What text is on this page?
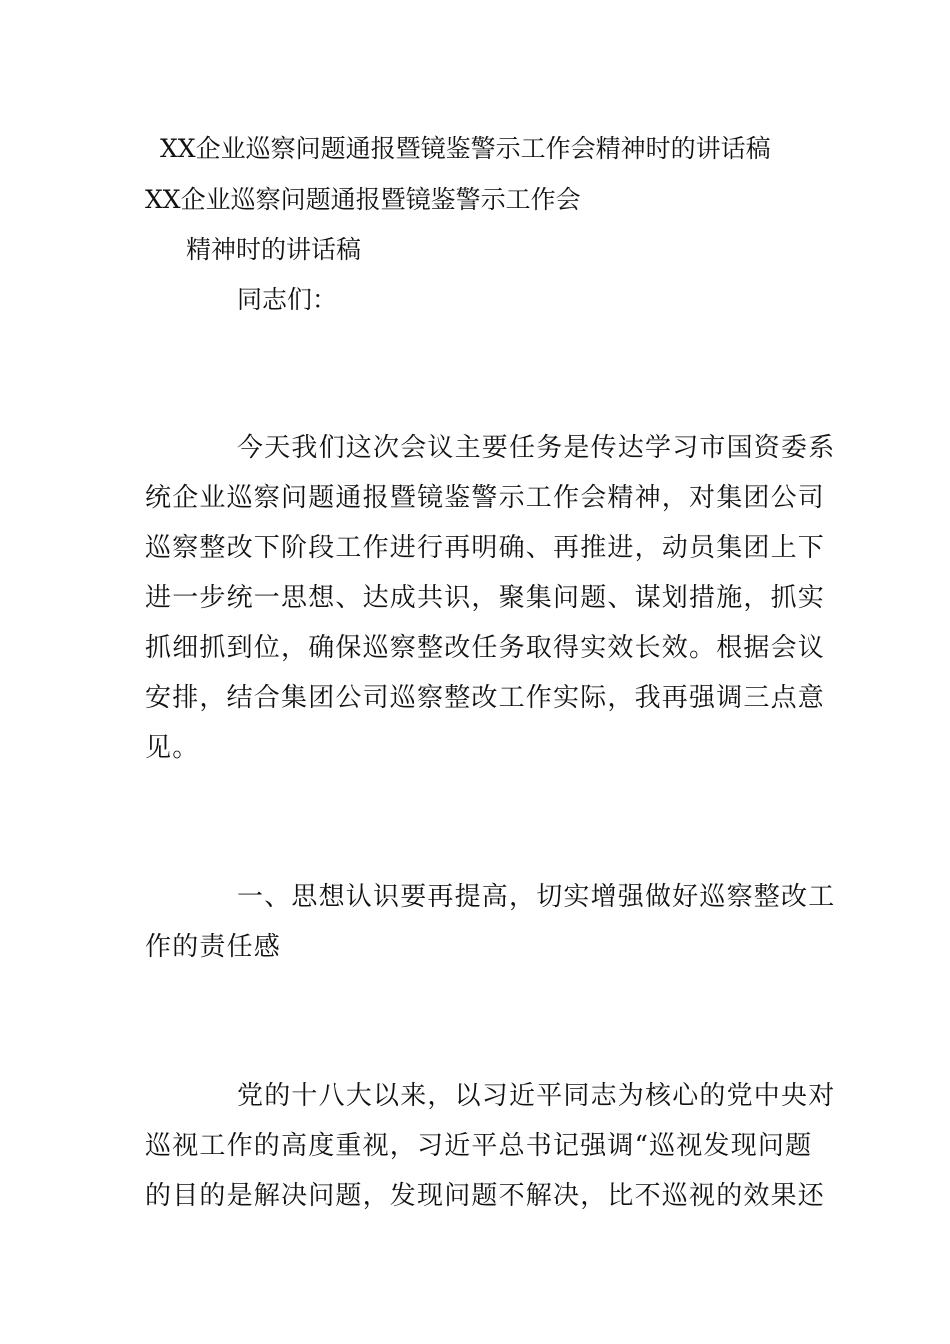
XX企业巡察问题通报暨镜鉴警示工作会精神时的讲话稿
XX企业巡察问题通报暨镜鉴警示工作会
精神时的讲话稿
同志们：
今天我们这次会议主要任务是传达学习市国资委系
统企业巡察问题通报暨镜鉴警示工作会精神，对集团公司
巡察整改下阶段工作进行再明确、再推进，动员集团上下
进一步统一思想、达成共识，聚集问题、谋划措施，抓实
抓细抓到位，确保巡察整改任务取得实效长效。根据会议
安排，结合集团公司巡察整改工作实际，我再强调三点意
见。
一、思想认识要再提高，切实增强做好巡察整改工
作的责任感
党的十八大以来，以习近平同志为核心的党中央对
巡视工作的高度重视，习近平总书记强调“巡视发现问题
的目的是解决问题，发现问题不解决，比不巡视的效果还
